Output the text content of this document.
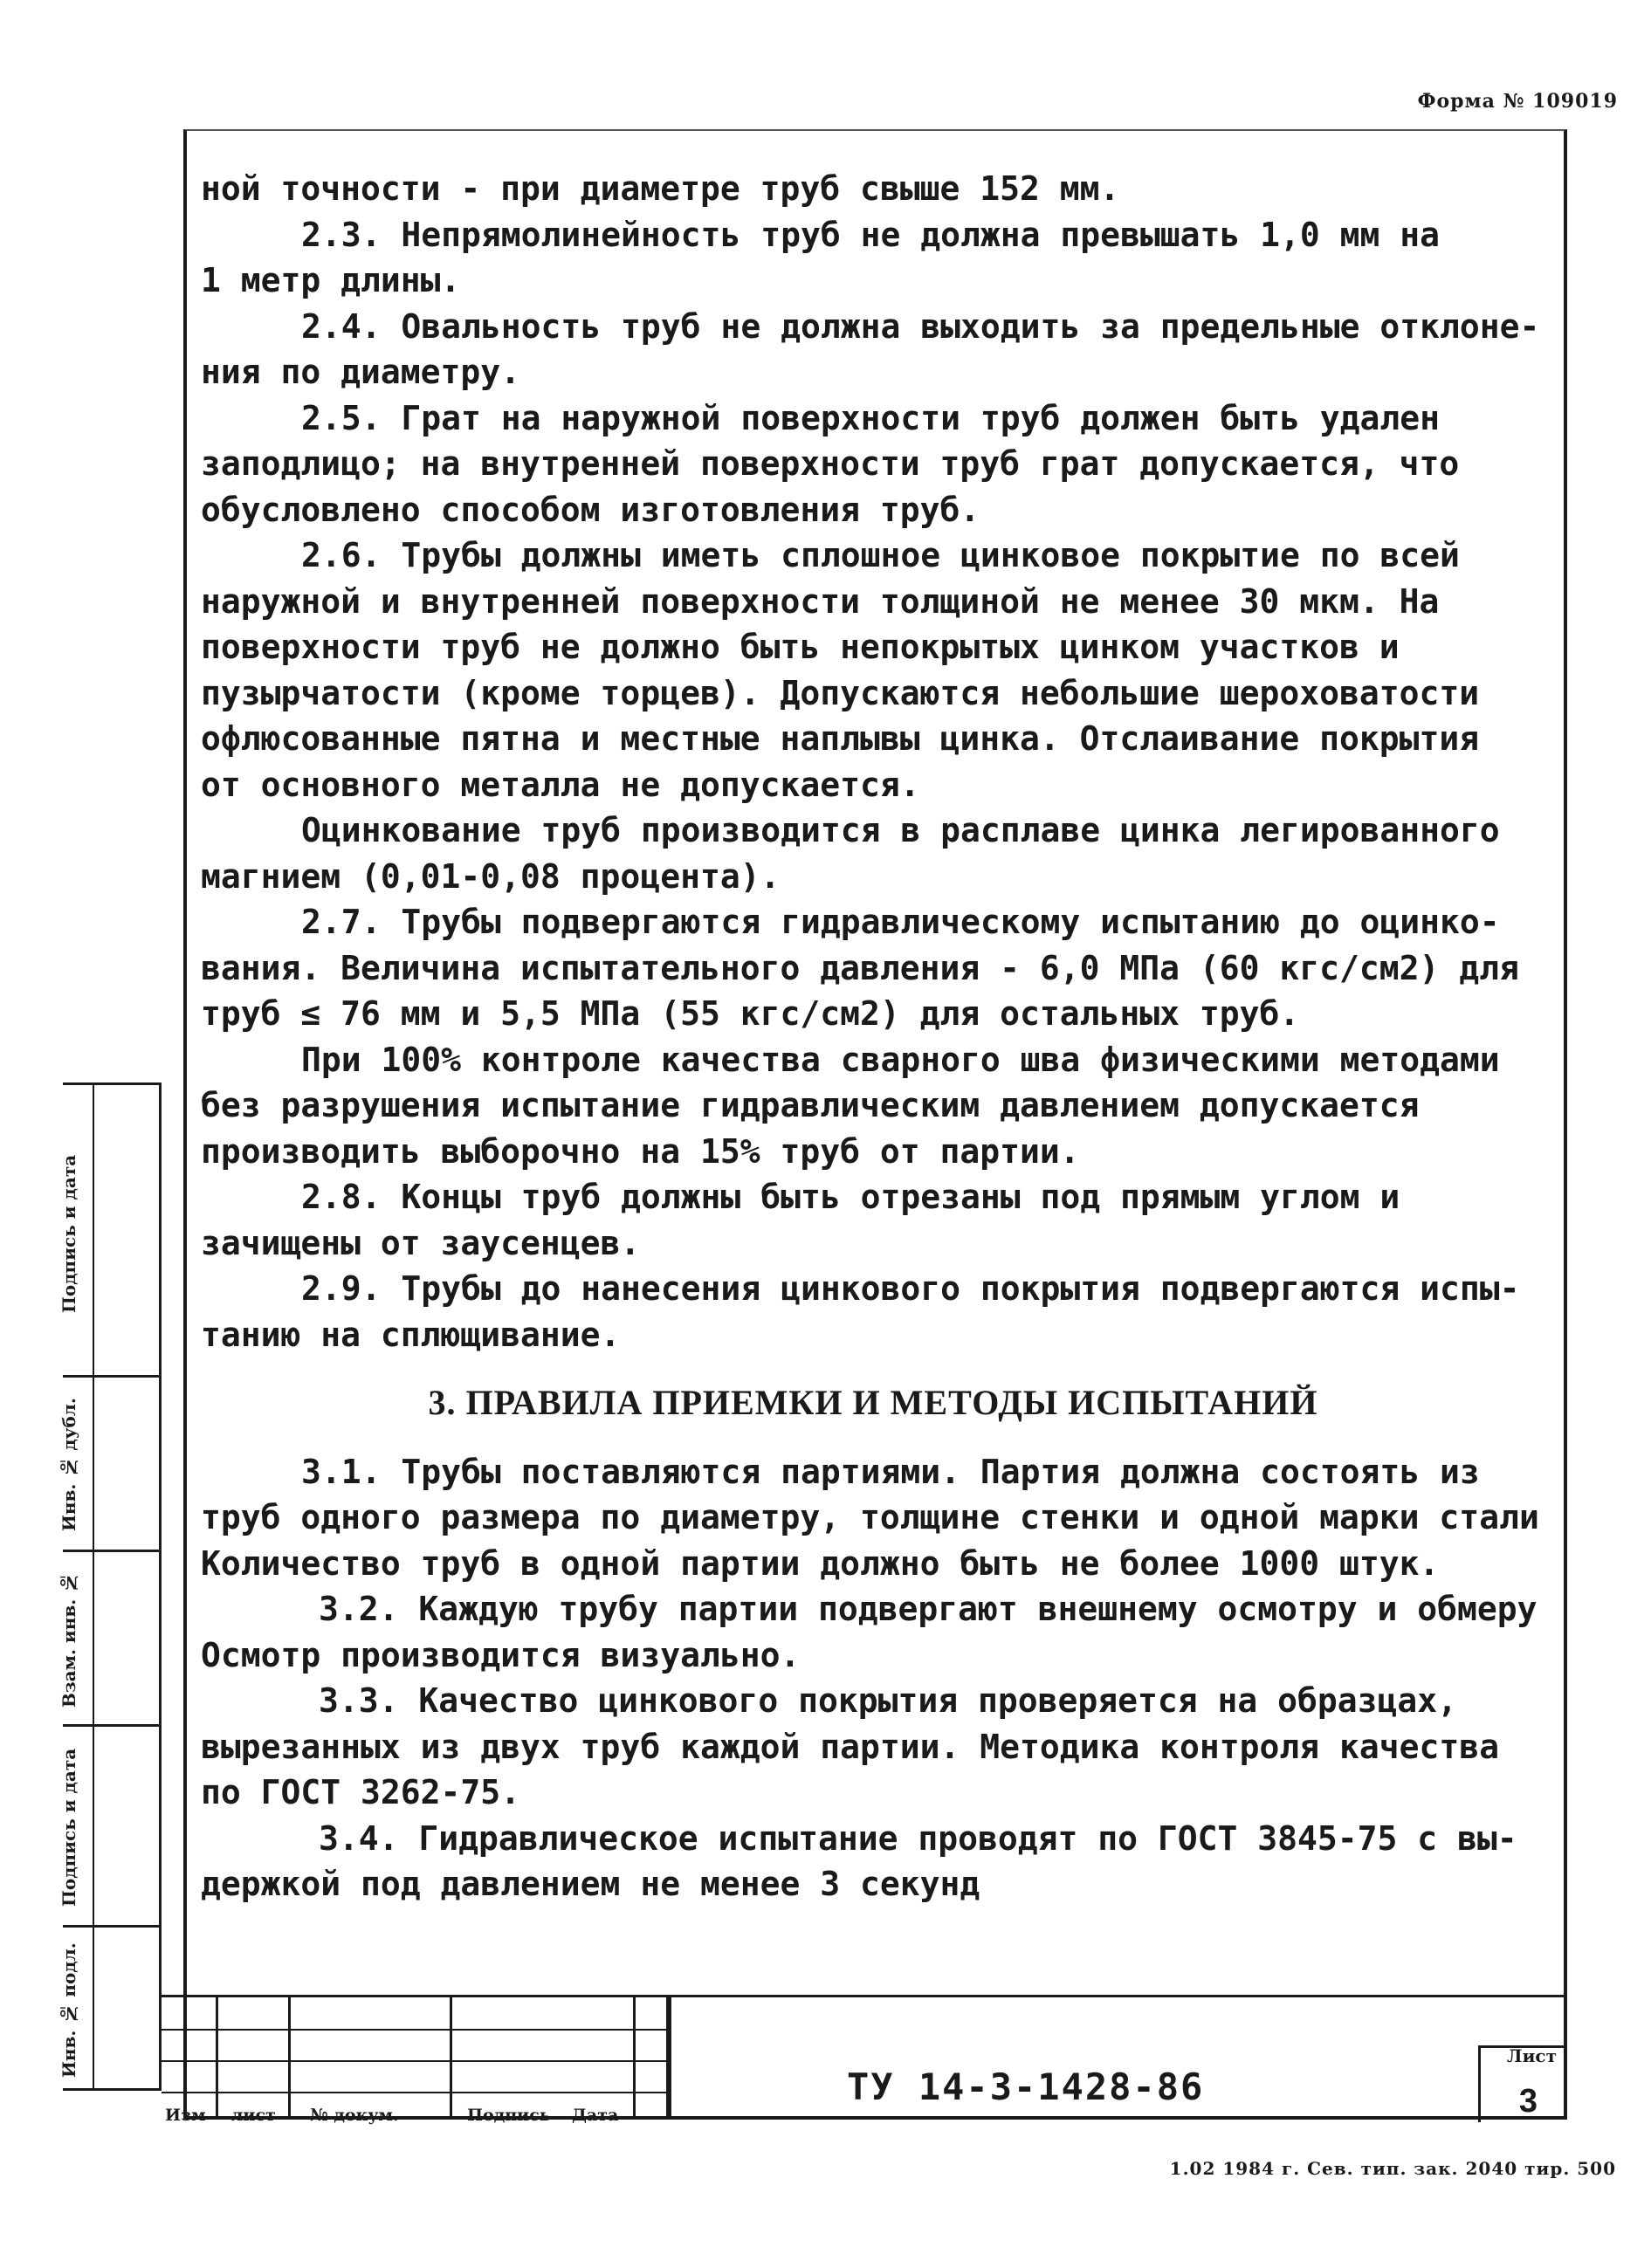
Форма № 109019
ной точности - при диаметре труб свыше 152 мм.
2.3. Непрямолинейность труб не должна превышать 1,0 мм на
1 метр длины.
2.4. Овальность труб не должна выходить за предельные отклоне-
ния по диаметру.
2.5. Грат на наружной поверхности труб должен быть удален
заподлицо; на внутренней поверхности труб грат допускается, что
обусловлено способом изготовления труб.
2.6. Трубы должны иметь сплошное цинковое покрытие по всей
наружной и внутренней поверхности толщиной не менее 30 мкм. На
поверхности труб не должно быть непокрытых цинком участков и
пузырчатости (кроме торцев). Допускаются небольшие шероховатости
офлюсованные пятна и местные наплывы цинка. Отслаивание покрытия
от основного металла не допускается.
Оцинкование труб производится в расплаве цинка легированного
магнием (0,01-0,08 процента).
2.7. Трубы подвергаются гидравлическому испытанию до оцинко-
вания. Величина испытательного давления - 6,0 МПа (60 кгс/см2) для
труб ≤ 76 мм и 5,5 МПа (55 кгс/см2) для остальных труб.
При 100% контроле качества сварного шва физическими методами
без разрушения испытание гидравлическим давлением допускается
производить выборочно на 15% труб от партии.
2.8. Концы труб должны быть отрезаны под прямым углом и
зачищены от заусенцев.
2.9. Трубы до нанесения цинкового покрытия подвергаются испы-
танию на сплющивание.
3. ПРАВИЛА ПРИЕМКИ И МЕТОДЫ ИСПЫТАНИЙ
3.1. Трубы поставляются партиями. Партия должна состоять из
труб одного размера по диаметру, толщине стенки и одной марки стали
Количество труб в одной партии должно быть не более 1000 штук.
3.2. Каждую трубу партии подвергают внешнему осмотру и обмеру
Осмотр производится визуально.
3.3. Качество цинкового покрытия проверяется на образцах,
вырезанных из двух труб каждой партии. Методика контроля качества
по ГОСТ 3262-75.
3.4. Гидравлическое испытание проводят по ГОСТ 3845-75 с вы-
держкой под давлением не менее 3 секунд
Подпись и дата
Инв. № дубл.
Взам. инв. №
Подпись и дата
Инв. № подл.
Изм лист № докум.	Подпись Дата
ТУ 14-3-1428-86
Лист
3
1.02 1984 г. Сев. тип. зак. 2040 тир. 500
